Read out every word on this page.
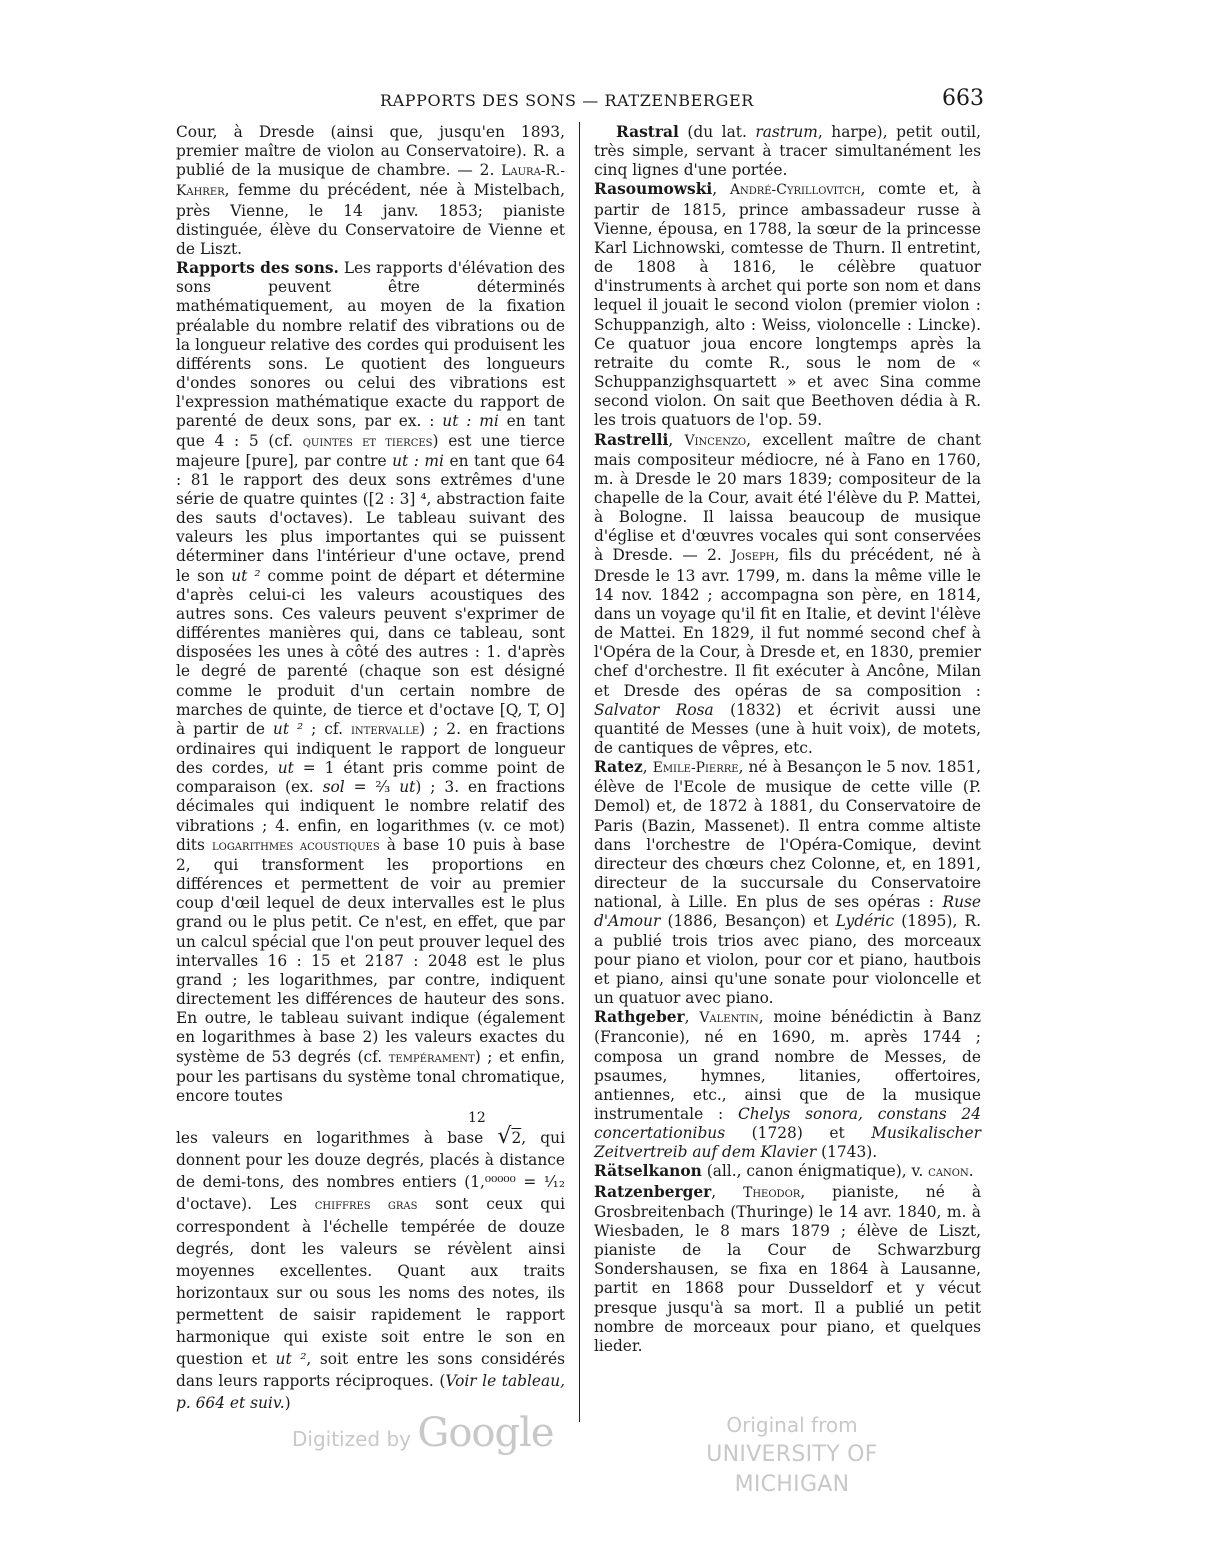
RAPPORTS DES SONS — RATZENBERGER	663

Cour, à Dresde (ainsi que, jusqu'en 1893, premier maître de violon au Conservatoire). R. a publié de la musique de chambre. — 2. Laura-R.-Kahrer, femme du précédent, née à Mistelbach, près Vienne, le 14 janv. 1853; pianiste distinguée, élève du Conservatoire de Vienne et de Liszt.

Rapports des sons. Les rapports d'élévation des sons peuvent être déterminés mathématiquement, au moyen de la fixation préalable du nombre relatif des vibrations ou de la longueur relative des cordes qui produisent les différents sons. Le quotient des longueurs d'ondes sonores ou celui des vibrations est l'expression mathématique exacte du rapport de parenté de deux sons, par ex. : ut : mi en tant que 4 : 5 (cf. quintes et tierces) est une tierce majeure [pure], par contre ut : mi en tant que 64 : 81 le rapport des deux sons extrêmes d'une série de quatre quintes ([2 : 3] ⁴, abstraction faite des sauts d'octaves). Le tableau suivant des valeurs les plus importantes qui se puissent déterminer dans l'intérieur d'une octave, prend le son ut ² comme point de départ et détermine d'après celui-ci les valeurs acoustiques des autres sons. Ces valeurs peuvent s'exprimer de différentes manières qui, dans ce tableau, sont disposées les unes à côté des autres : 1. d'après le degré de parenté (chaque son est désigné comme le produit d'un certain nombre de marches de quinte, de tierce et d'octave [Q, T, O] à partir de ut ² ; cf. intervalle) ; 2. en fractions ordinaires qui indiquent le rapport de longueur des cordes, ut = 1 étant pris comme point de comparaison (ex. sol = ²⁄₃ ut) ; 3. en fractions décimales qui indiquent le nombre relatif des vibrations ; 4. enfin, en logarithmes (v. ce mot) dits logarithmes acoustiques à base 10 puis à base 2, qui transforment les proportions en différences et permettent de voir au premier coup d'œil lequel de deux intervalles est le plus grand ou le plus petit. Ce n'est, en effet, que par un calcul spécial que l'on peut prouver lequel des intervalles 16 : 15 et 2187 : 2048 est le plus grand ; les logarithmes, par contre, indiquent directement les différences de hauteur des sons. En outre, le tableau suivant indique (également en logarithmes à base 2) les valeurs exactes du système de 53 degrés (cf. tempérament) ; et enfin, pour les partisans du système tonal chromatique, encore toutes

12
les valeurs en logarithmes à base √2, qui donnent pour les douze degrés, placés à distance de demi-tons, des nombres entiers (1,⁰⁰⁰⁰⁰ = ¹⁄₁₂ d'octave). Les chiffres gras sont ceux qui correspondent à l'échelle tempérée de douze degrés, dont les valeurs se révèlent ainsi moyennes excellentes. Quant aux traits horizontaux sur ou sous les noms des notes, ils permettent de saisir rapidement le rapport harmonique qui existe soit entre le son en question et ut ², soit entre les sons considérés dans leurs rapports réciproques. (Voir le tableau, p. 664 et suiv.)

Rastral (du lat. rastrum, harpe), petit outil, très simple, servant à tracer simultanément les cinq lignes d'une portée.

Rasoumowski, André-Cyrillovitch, comte et, à partir de 1815, prince ambassadeur russe à Vienne, épousa, en 1788, la sœur de la princesse Karl Lichnowski, comtesse de Thurn. Il entretint, de 1808 à 1816, le célèbre quatuor d'instruments à archet qui porte son nom et dans lequel il jouait le second violon (premier violon : Schuppanzigh, alto : Weiss, violoncelle : Lincke). Ce quatuor joua encore longtemps après la retraite du comte R., sous le nom de « Schuppanzighsquartett » et avec Sina comme second violon. On sait que Beethoven dédia à R. les trois quatuors de l'op. 59.

Rastrelli, Vincenzo, excellent maître de chant mais compositeur médiocre, né à Fano en 1760, m. à Dresde le 20 mars 1839; compositeur de la chapelle de la Cour, avait été l'élève du P. Mattei, à Bologne. Il laissa beaucoup de musique d'église et d'œuvres vocales qui sont conservées à Dresde. — 2. Joseph, fils du précédent, né à Dresde le 13 avr. 1799, m. dans la même ville le 14 nov. 1842 ; accompagna son père, en 1814, dans un voyage qu'il fit en Italie, et devint l'élève de Mattei. En 1829, il fut nommé second chef à l'Opéra de la Cour, à Dresde et, en 1830, premier chef d'orchestre. Il fit exécuter à Ancône, Milan et Dresde des opéras de sa composition : Salvator Rosa (1832) et écrivit aussi une quantité de Messes (une à huit voix), de motets, de cantiques de vêpres, etc.

Ratez, Emile-Pierre, né à Besançon le 5 nov. 1851, élève de l'Ecole de musique de cette ville (P. Demol) et, de 1872 à 1881, du Conservatoire de Paris (Bazin, Massenet). Il entra comme altiste dans l'orchestre de l'Opéra-Comique, devint directeur des chœurs chez Colonne, et, en 1891, directeur de la succursale du Conservatoire national, à Lille. En plus de ses opéras : Ruse d'Amour (1886, Besançon) et Lydéric (1895), R. a publié trois trios avec piano, des morceaux pour piano et violon, pour cor et piano, hautbois et piano, ainsi qu'une sonate pour violoncelle et un quatuor avec piano.

Rathgeber, Valentin, moine bénédictin à Banz (Franconie), né en 1690, m. après 1744 ; composa un grand nombre de Messes, de psaumes, hymnes, litanies, offertoires, antiennes, etc., ainsi que de la musique instrumentale : Chelys sonora, constans 24 concertationibus (1728) et Musikalischer Zeitvertreib auf dem Klavier (1743).

Rätselkanon (all., canon énigmatique), v. canon.

Ratzenberger, Theodor, pianiste, né à Grosbreitenbach (Thuringe) le 14 avr. 1840, m. à Wiesbaden, le 8 mars 1879 ; élève de Liszt, pianiste de la Cour de Schwarzburg Sondershausen, se fixa en 1864 à Lausanne, partit en 1868 pour Dusseldorf et y vécut presque jusqu'à sa mort. Il a publié un petit nombre de morceaux pour piano, et quelques lieder.

Digitized by Google	Original from
UNIVERSITY OF MICHIGAN
